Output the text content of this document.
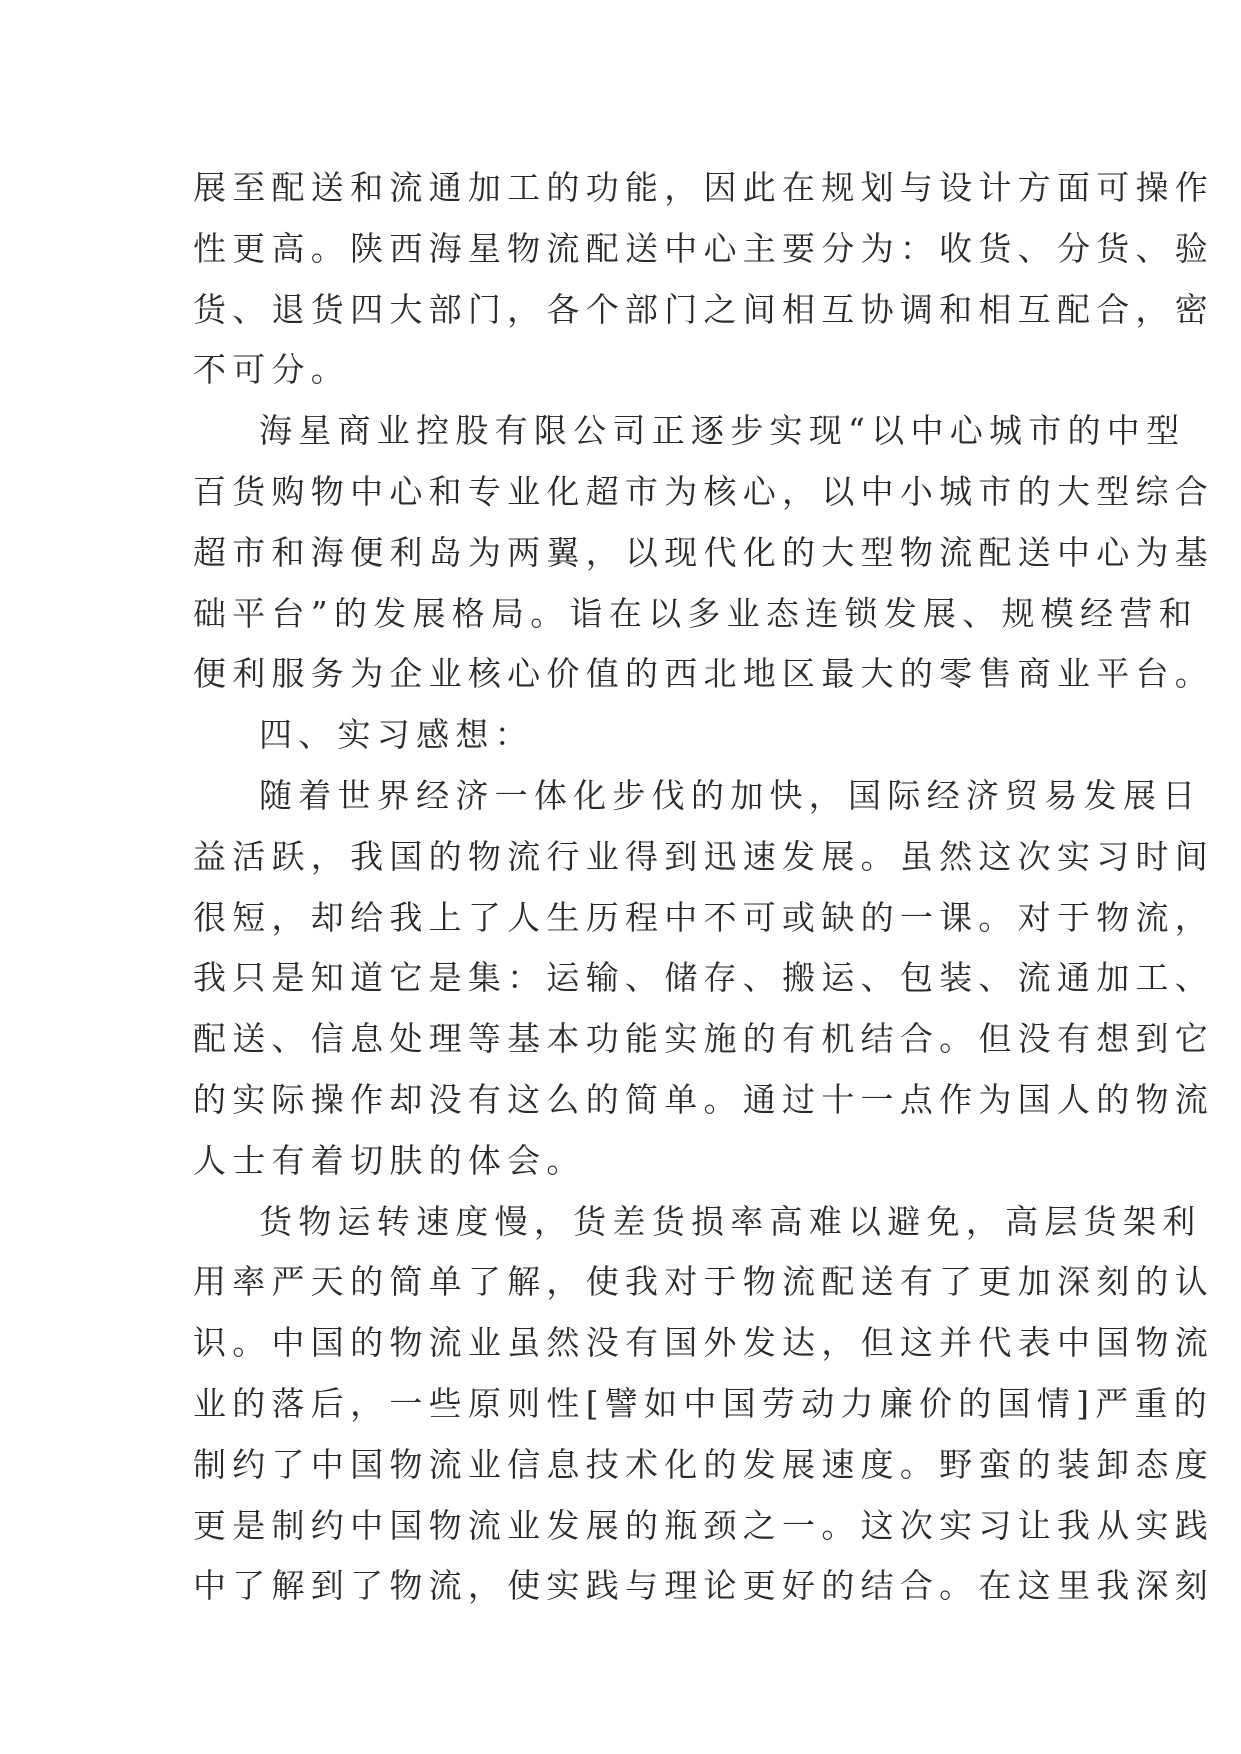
展至配送和流通加工的功能，因此在规划与设计方面可操作
性更高。陕西海星物流配送中心主要分为：收货、分货、验
货、退货四大部门，各个部门之间相互协调和相互配合，密
不可分。
海星商业控股有限公司正逐步实现“以中心城市的中型
百货购物中心和专业化超市为核心，以中小城市的大型综合
超市和海便利岛为两翼，以现代化的大型物流配送中心为基
础平台”的发展格局。诣在以多业态连锁发展、规模经营和
便利服务为企业核心价值的西北地区最大的零售商业平台。
四、实习感想：
随着世界经济一体化步伐的加快，国际经济贸易发展日
益活跃，我国的物流行业得到迅速发展。虽然这次实习时间
很短，却给我上了人生历程中不可或缺的一课。对于物流，
我只是知道它是集：运输、储存、搬运、包装、流通加工、
配送、信息处理等基本功能实施的有机结合。但没有想到它
的实际操作却没有这么的简单。通过十一点作为国人的物流
人士有着切肤的体会。
货物运转速度慢，货差货损率高难以避免，高层货架利
用率严天的简单了解，使我对于物流配送有了更加深刻的认
识。中国的物流业虽然没有国外发达，但这并代表中国物流
业的落后，一些原则性[譬如中国劳动力廉价的国情]严重的
制约了中国物流业信息技术化的发展速度。野蛮的装卸态度
更是制约中国物流业发展的瓶颈之一。这次实习让我从实践
中了解到了物流，使实践与理论更好的结合。在这里我深刻
